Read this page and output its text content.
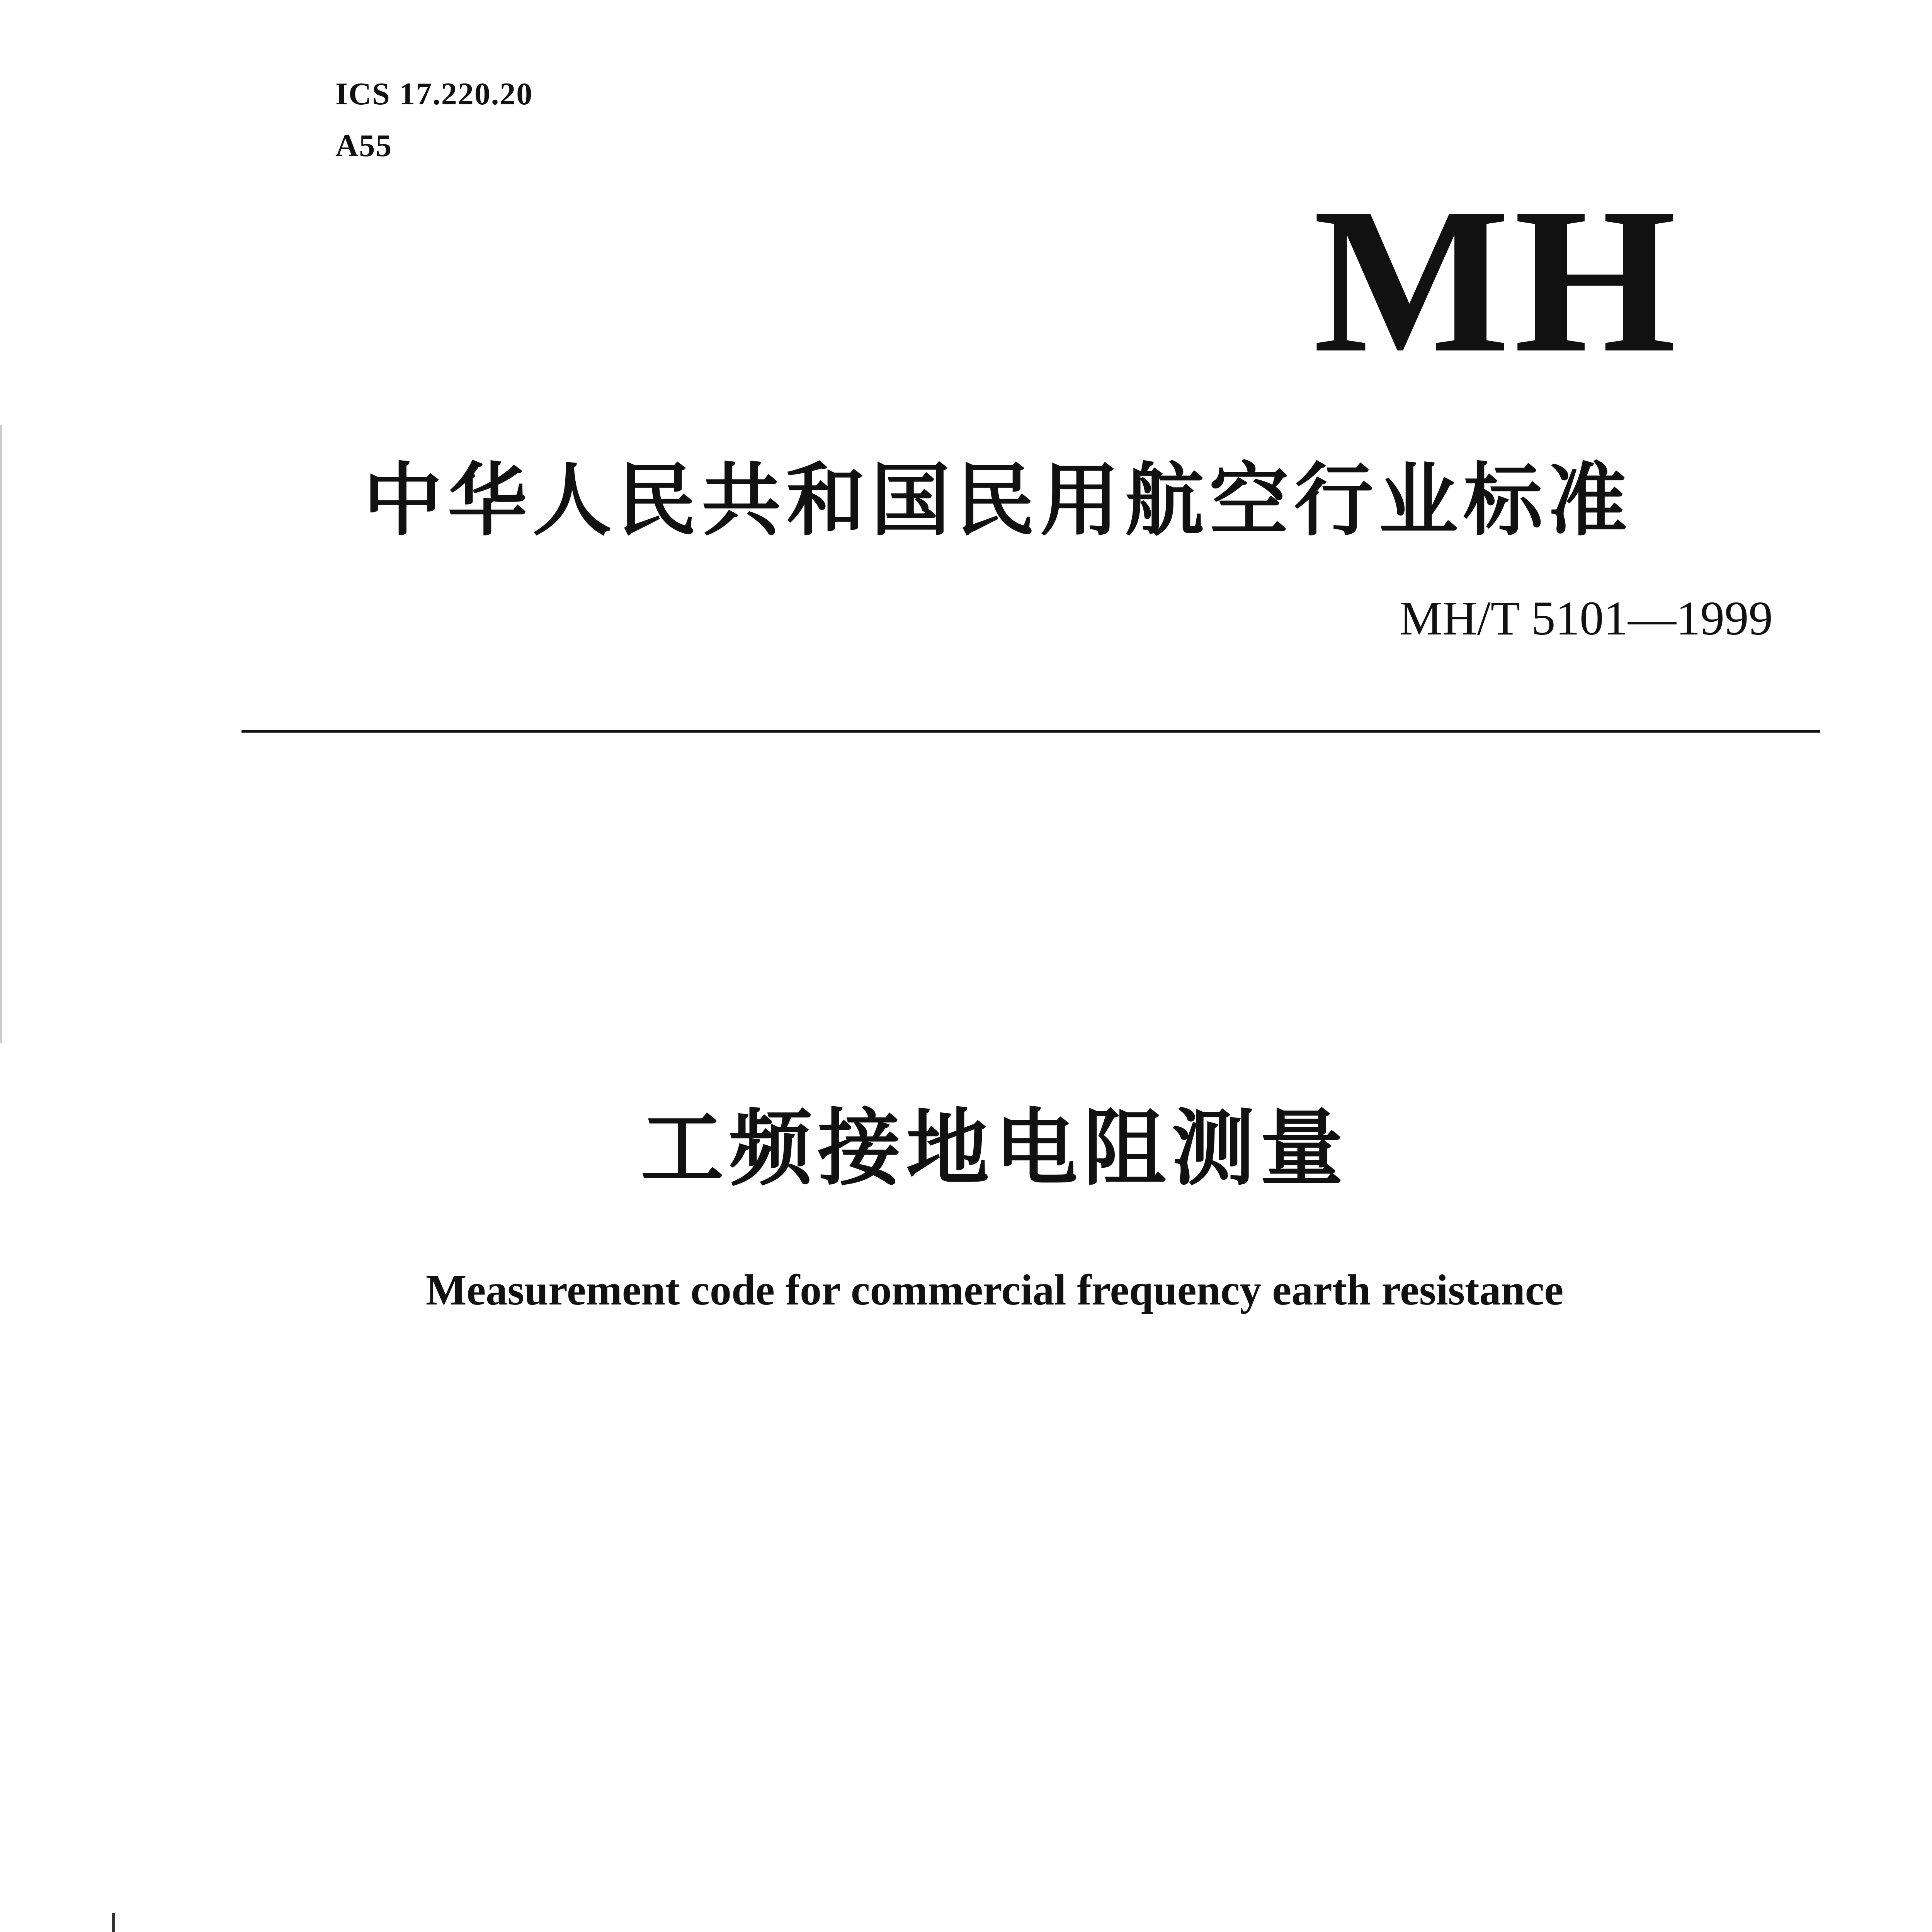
ICS 17.220.20
A55
MH
中华人民共和国民用航空行业标准
MH/T 5101—1999
工频接地电阻测量
Measurement code for commercial frequency earth resistance
